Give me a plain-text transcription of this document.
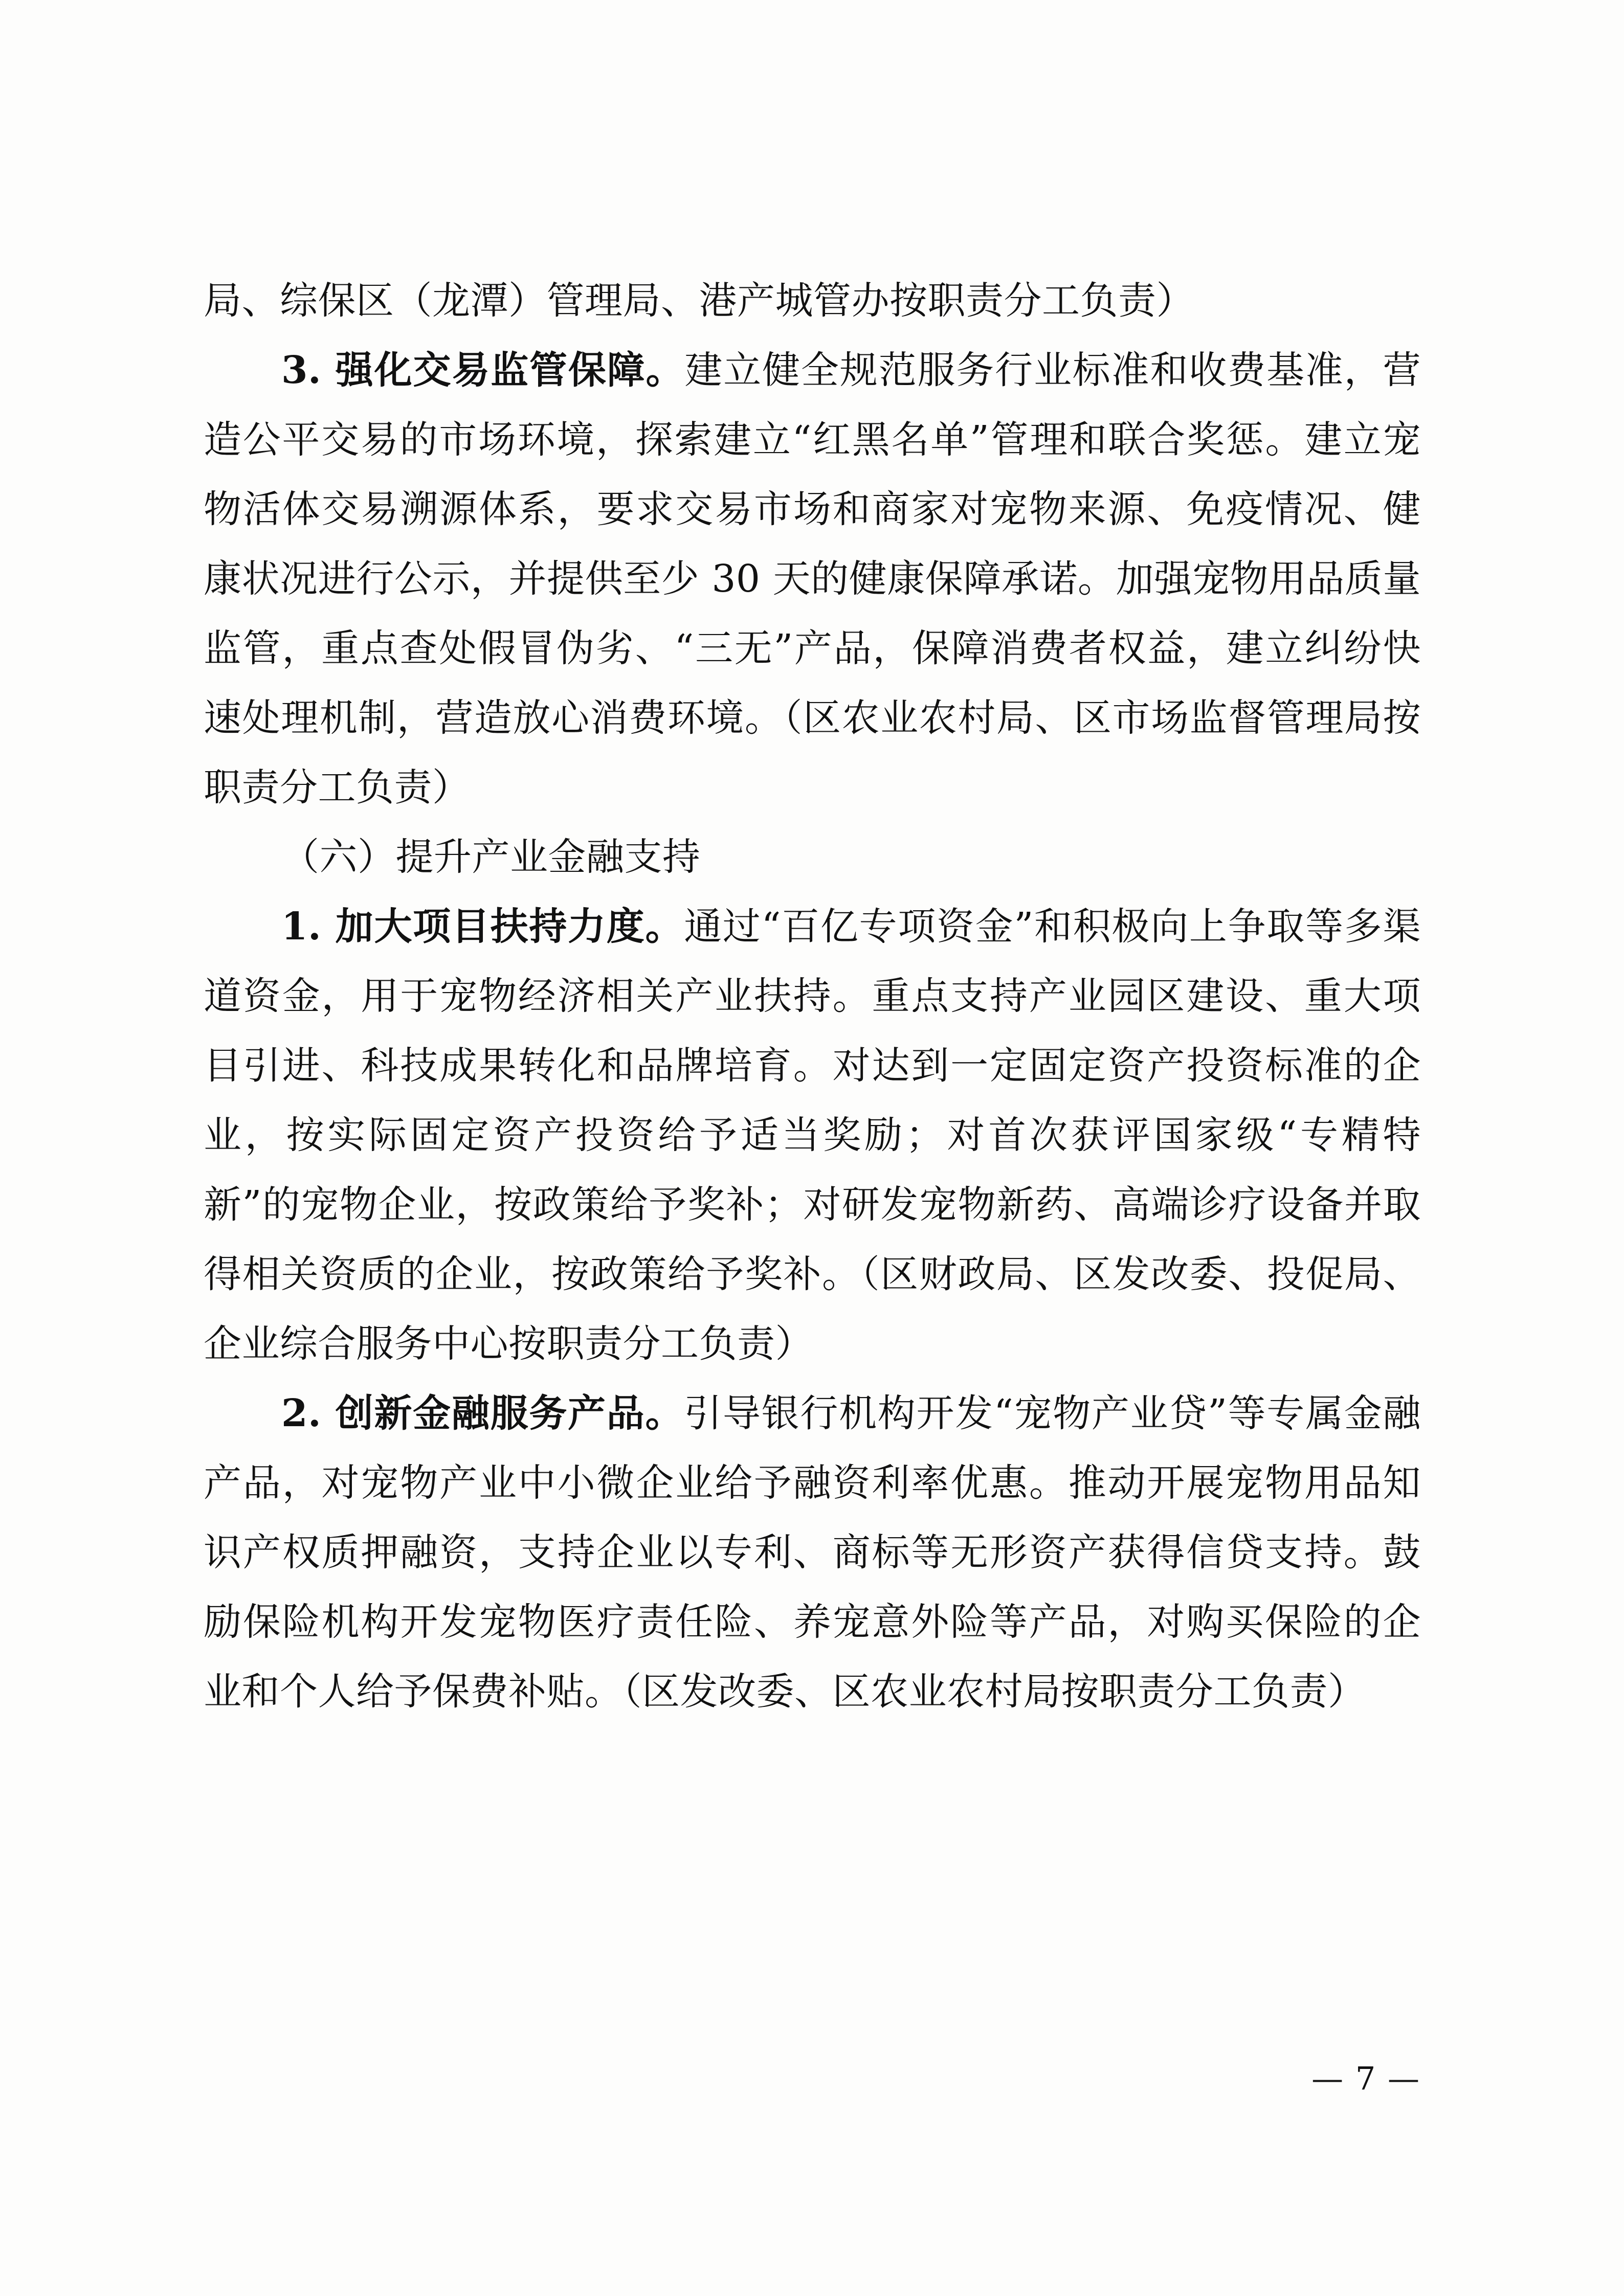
局、综保区（龙潭）管理局、港产城管办按职责分工负责）

3. 强化交易监管保障。建立健全规范服务行业标准和收费基准，营造公平交易的市场环境，探索建立“红黑名单”管理和联合奖惩。建立宠物活体交易溯源体系，要求交易市场和商家对宠物来源、免疫情况、健康状况进行公示，并提供至少 30 天的健康保障承诺。加强宠物用品质量监管，重点查处假冒伪劣、“三无”产品，保障消费者权益，建立纠纷快速处理机制，营造放心消费环境。（区农业农村局、区市场监督管理局按职责分工负责）

（六）提升产业金融支持

1. 加大项目扶持力度。通过“百亿专项资金”和积极向上争取等多渠道资金，用于宠物经济相关产业扶持。重点支持产业园区建设、重大项目引进、科技成果转化和品牌培育。对达到一定固定资产投资标准的企业，按实际固定资产投资给予适当奖励；对首次获评国家级“专精特新”的宠物企业，按政策给予奖补；对研发宠物新药、高端诊疗设备并取得相关资质的企业，按政策给予奖补。（区财政局、区发改委、投促局、企业综合服务中心按职责分工负责）

2. 创新金融服务产品。引导银行机构开发“宠物产业贷”等专属金融产品，对宠物产业中小微企业给予融资利率优惠。推动开展宠物用品知识产权质押融资，支持企业以专利、商标等无形资产获得信贷支持。鼓励保险机构开发宠物医疗责任险、养宠意外险等产品，对购买保险的企业和个人给予保费补贴。（区发改委、区农业农村局按职责分工负责）

— 7 —
